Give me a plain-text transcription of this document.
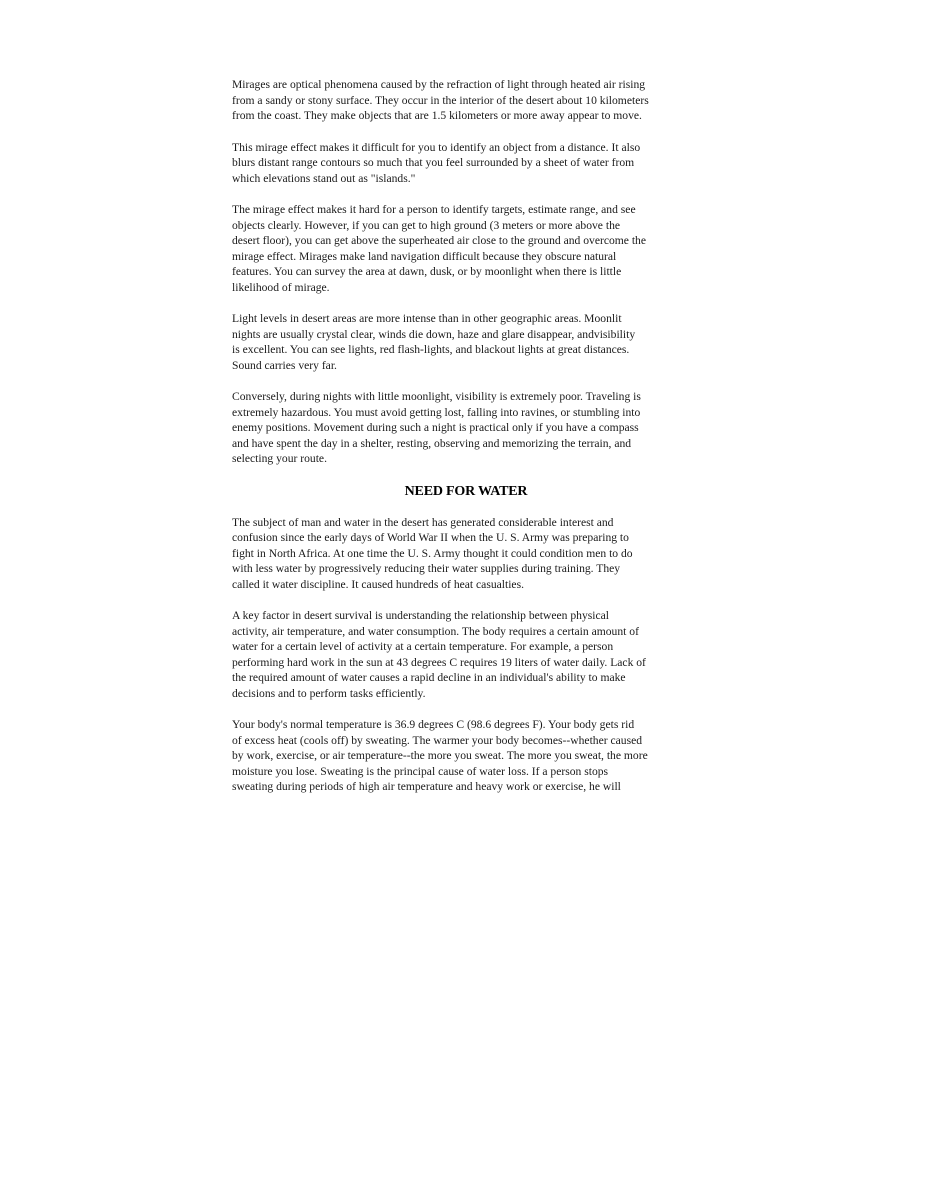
Mirages are optical phenomena caused by the refraction of light through heated air rising
from a sandy or stony surface. They occur in the interior of the desert about 10 kilometers
from the coast. They make objects that are 1.5 kilometers or more away appear to move.

This mirage effect makes it difficult for you to identify an object from a distance. It also
blurs distant range contours so much that you feel surrounded by a sheet of water from
which elevations stand out as "islands."

The mirage effect makes it hard for a person to identify targets, estimate range, and see
objects clearly. However, if you can get to high ground (3 meters or more above the
desert floor), you can get above the superheated air close to the ground and overcome the
mirage effect. Mirages make land navigation difficult because they obscure natural
features. You can survey the area at dawn, dusk, or by moonlight when there is little
likelihood of mirage.

Light levels in desert areas are more intense than in other geographic areas. Moonlit
nights are usually crystal clear, winds die down, haze and glare disappear, andvisibility
is excellent. You can see lights, red flash-lights, and blackout lights at great distances.
Sound carries very far.

Conversely, during nights with little moonlight, visibility is extremely poor. Traveling is
extremely hazardous. You must avoid getting lost, falling into ravines, or stumbling into
enemy positions. Movement during such a night is practical only if you have a compass
and have spent the day in a shelter, resting, observing and memorizing the terrain, and
selecting your route.

NEED FOR WATER

The subject of man and water in the desert has generated considerable interest and
confusion since the early days of World War II when the U. S. Army was preparing to
fight in North Africa. At one time the U. S. Army thought it could condition men to do
with less water by progressively reducing their water supplies during training. They
called it water discipline. It caused hundreds of heat casualties.

A key factor in desert survival is understanding the relationship between physical
activity, air temperature, and water consumption. The body requires a certain amount of
water for a certain level of activity at a certain temperature. For example, a person
performing hard work in the sun at 43 degrees C requires 19 liters of water daily. Lack of
the required amount of water causes a rapid decline in an individual's ability to make
decisions and to perform tasks efficiently.

Your body's normal temperature is 36.9 degrees C (98.6 degrees F). Your body gets rid
of excess heat (cools off) by sweating. The warmer your body becomes--whether caused
by work, exercise, or air temperature--the more you sweat. The more you sweat, the more
moisture you lose. Sweating is the principal cause of water loss. If a person stops
sweating during periods of high air temperature and heavy work or exercise, he will
